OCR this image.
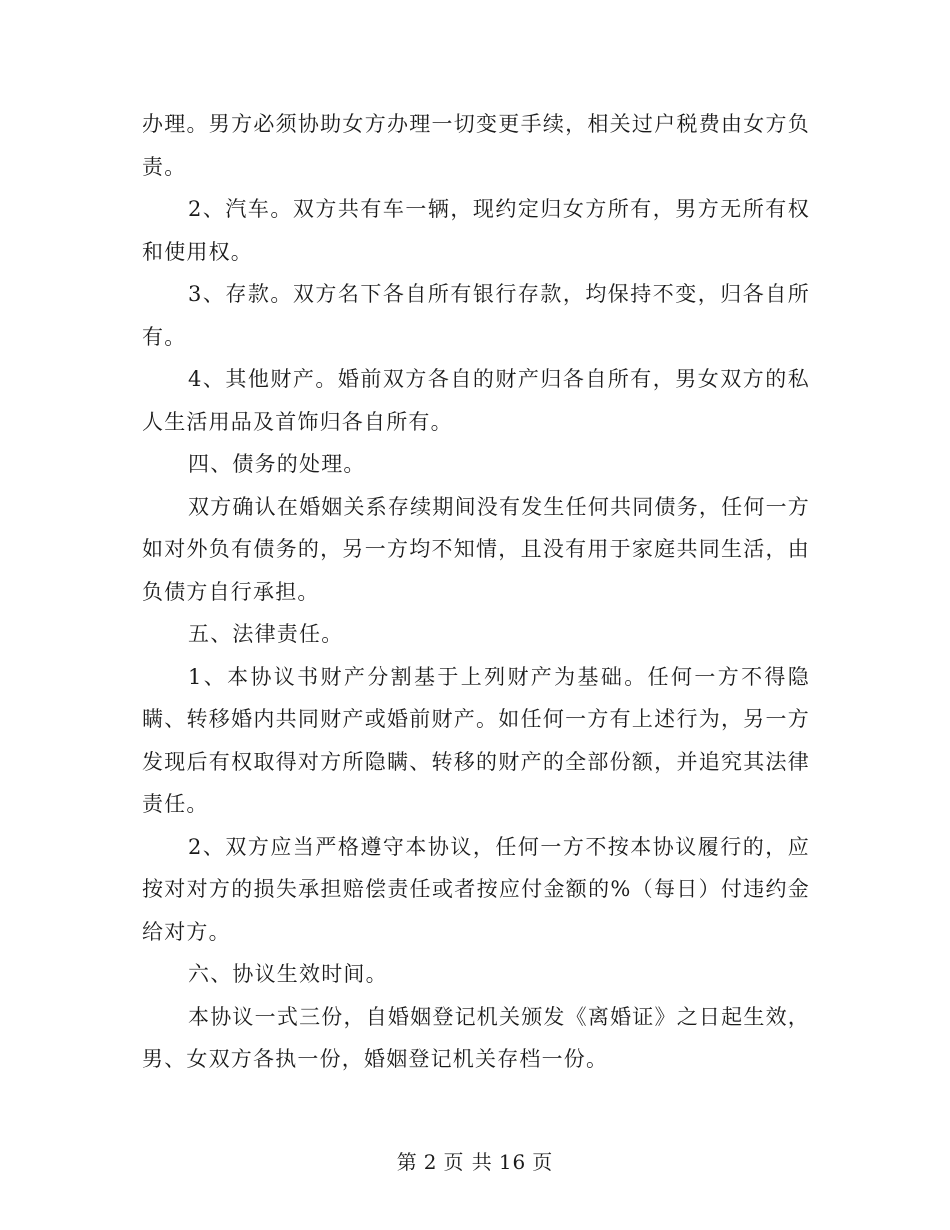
办理。男方必须协助女方办理一切变更手续，相关过户税费由女方负责。

2、汽车。双方共有车一辆，现约定归女方所有，男方无所有权和使用权。

3、存款。双方名下各自所有银行存款，均保持不变，归各自所有。

4、其他财产。婚前双方各自的财产归各自所有，男女双方的私人生活用品及首饰归各自所有。

四、债务的处理。

双方确认在婚姻关系存续期间没有发生任何共同债务，任何一方如对外负有债务的，另一方均不知情，且没有用于家庭共同生活，由负债方自行承担。

五、法律责任。

1、本协议书财产分割基于上列财产为基础。任何一方不得隐瞒、转移婚内共同财产或婚前财产。如任何一方有上述行为，另一方发现后有权取得对方所隐瞒、转移的财产的全部份额，并追究其法律责任。

2、双方应当严格遵守本协议，任何一方不按本协议履行的，应按对对方的损失承担赔偿责任或者按应付金额的%（每日）付违约金给对方。

六、协议生效时间。

本协议一式三份，自婚姻登记机关颁发《离婚证》之日起生效，男、女双方各执一份，婚姻登记机关存档一份。

第 2 页 共 16 页
